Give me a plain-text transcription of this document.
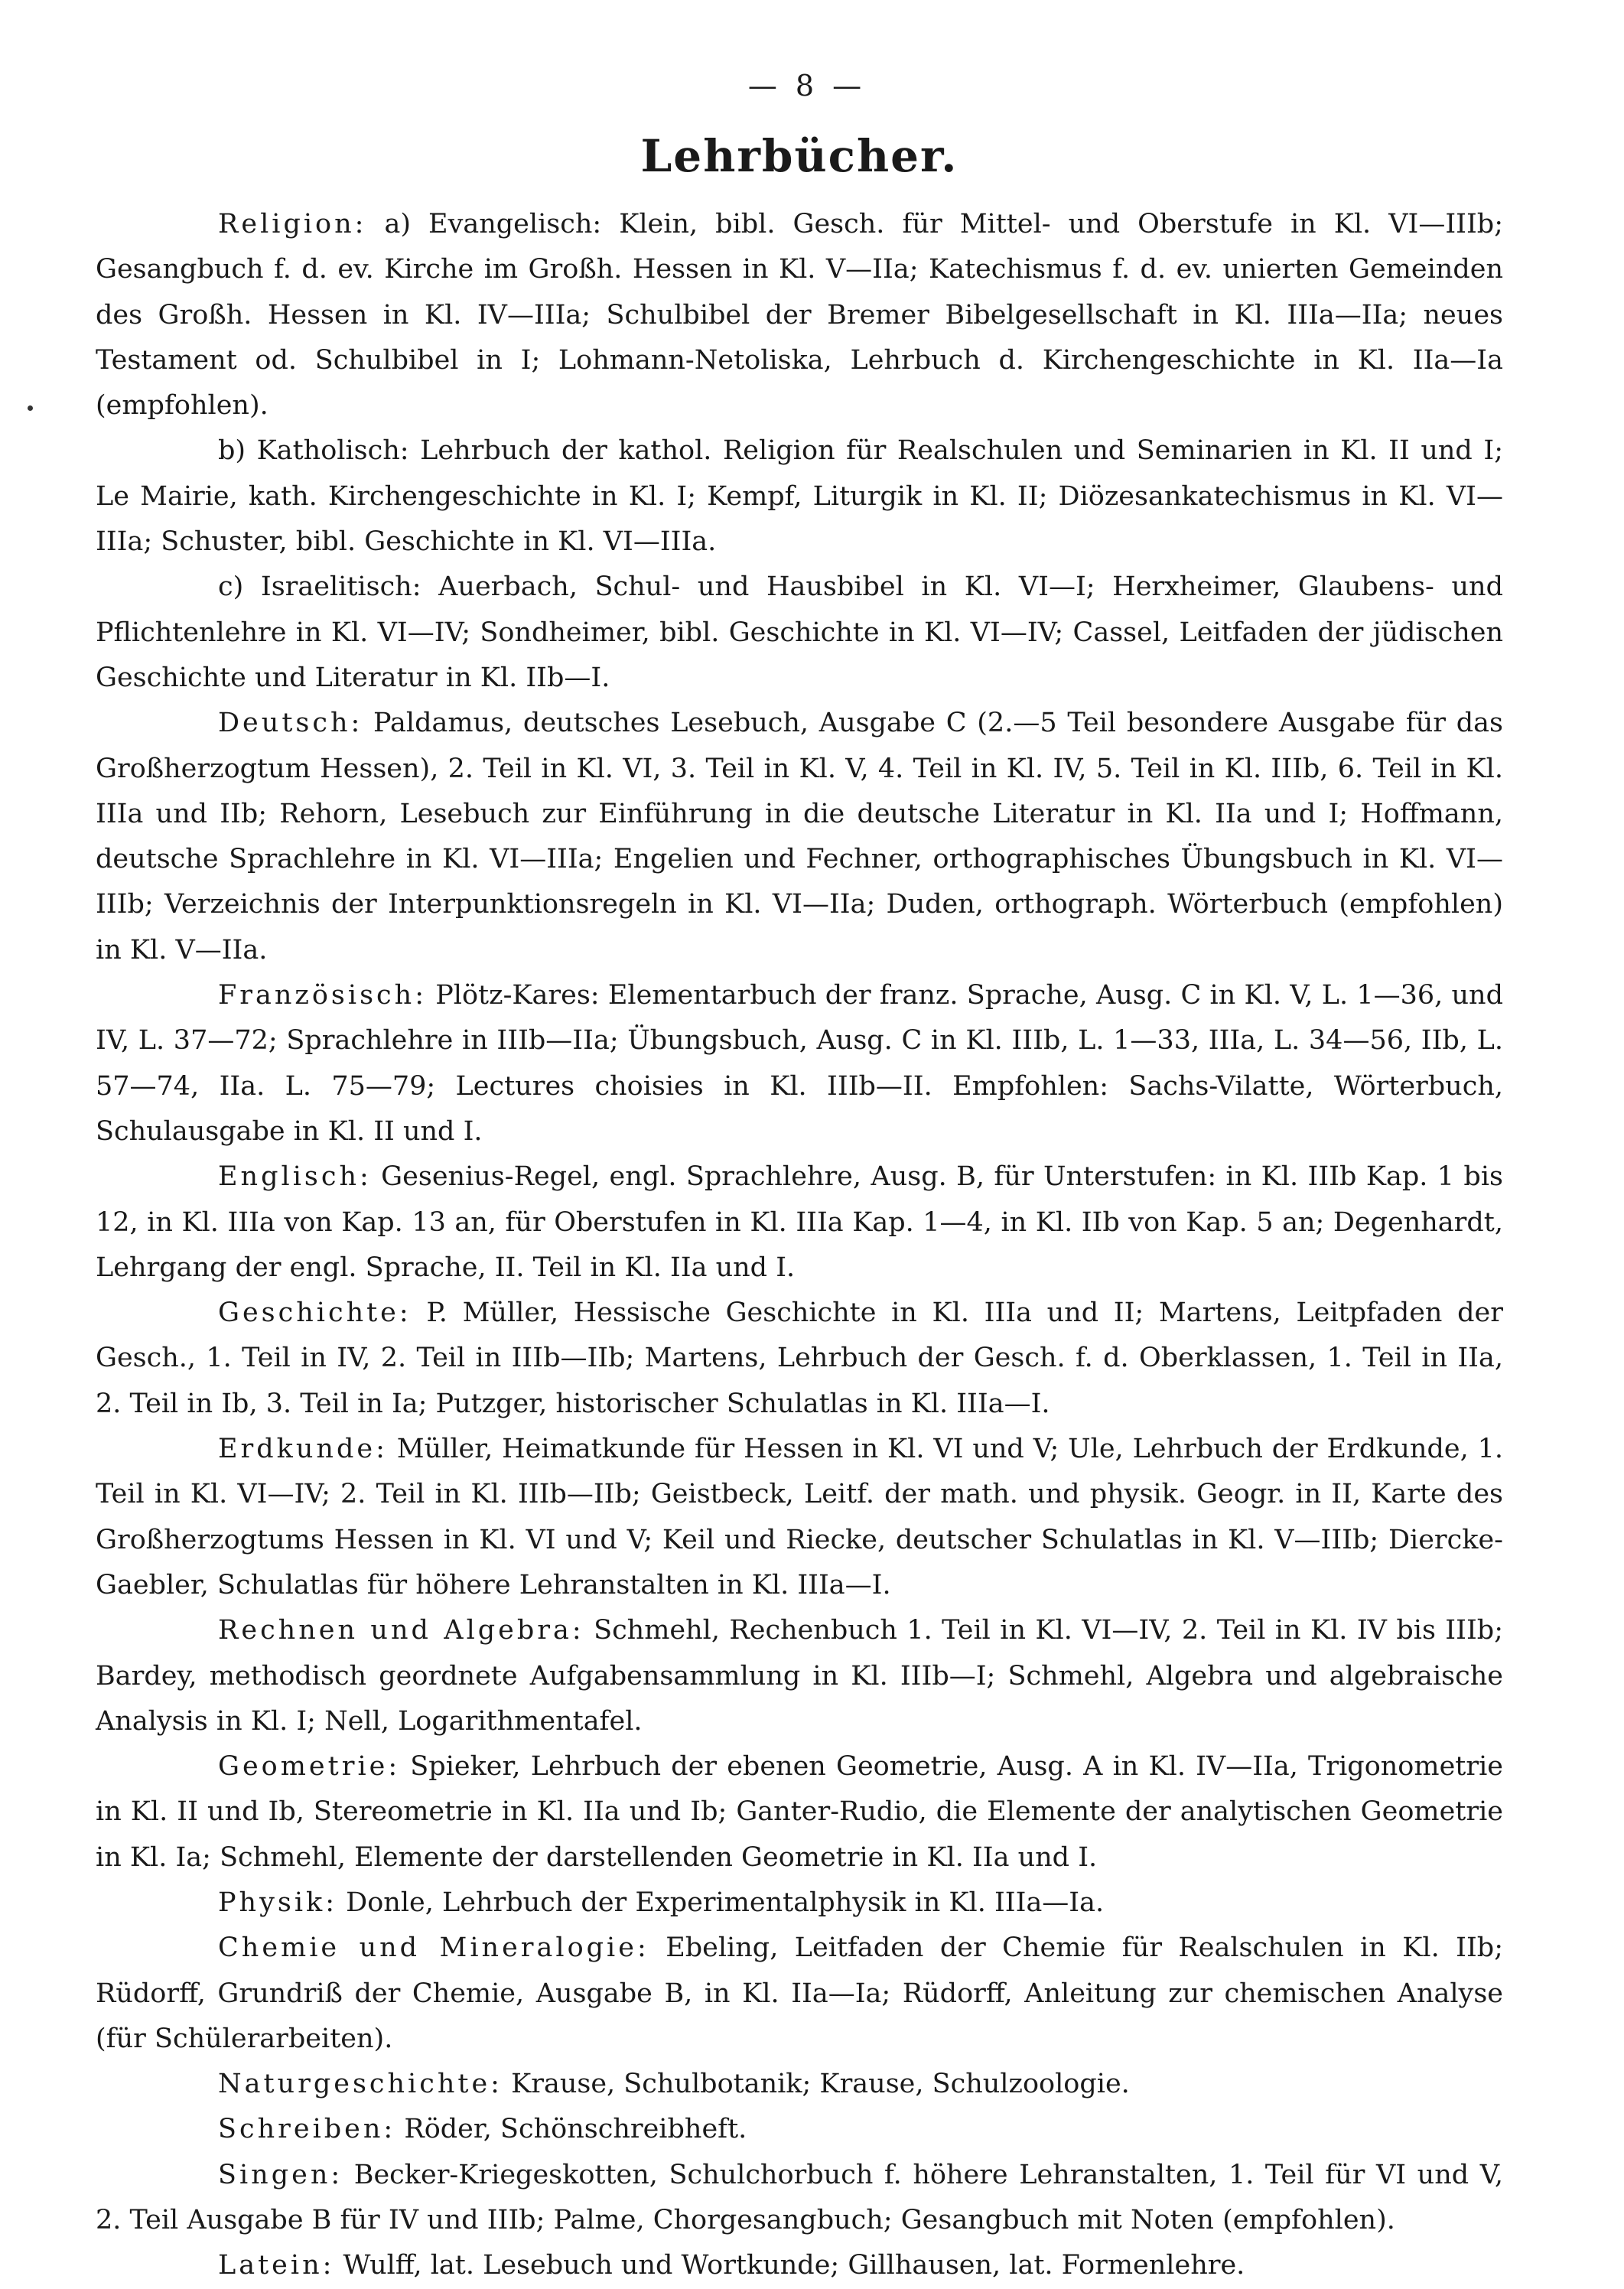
— 8 —
Lehrbücher.

Religion: a) Evangelisch: Klein, bibl. Gesch. für Mittel- und Oberstufe in Kl. VI—IIIb; Gesangbuch f. d. ev. Kirche im Großh. Hessen in Kl. V—IIa; Katechismus f. d. ev. unierten Gemeinden des Großh. Hessen in Kl. IV—IIIa; Schulbibel der Bremer Bibelgesellschaft in Kl. IIIa—IIa; neues Testament od. Schulbibel in I; Lohmann-Netoliska, Lehrbuch d. Kirchengeschichte in Kl. IIa—Ia (empfohlen).

b) Katholisch: Lehrbuch der kathol. Religion für Realschulen und Seminarien in Kl. II und I; Le Mairie, kath. Kirchengeschichte in Kl. I; Kempf, Liturgik in Kl. II; Diözesankatechismus in Kl. VI—IIIa; Schuster, bibl. Geschichte in Kl. VI—IIIa.

c) Israelitisch: Auerbach, Schul- und Hausbibel in Kl. VI—I; Herxheimer, Glaubens- und Pflichtenlehre in Kl. VI—IV; Sondheimer, bibl. Geschichte in Kl. VI—IV; Cassel, Leitfaden der jüdischen Geschichte und Literatur in Kl. IIb—I.

Deutsch: Paldamus, deutsches Lesebuch, Ausgabe C (2.—5 Teil besondere Ausgabe für das Großherzogtum Hessen), 2. Teil in Kl. VI, 3. Teil in Kl. V, 4. Teil in Kl. IV, 5. Teil in Kl. IIIb, 6. Teil in Kl. IIIa und IIb; Rehorn, Lesebuch zur Einführung in die deutsche Literatur in Kl. IIa und I; Hoffmann, deutsche Sprachlehre in Kl. VI—IIIa; Engelien und Fechner, orthographisches Übungsbuch in Kl. VI—IIIb; Verzeichnis der Interpunktionsregeln in Kl. VI—IIa; Duden, orthograph. Wörterbuch (empfohlen) in Kl. V—IIa.

Französisch: Plötz-Kares: Elementarbuch der franz. Sprache, Ausg. C in Kl. V, L. 1—36, und IV, L. 37—72; Sprachlehre in IIIb—IIa; Übungsbuch, Ausg. C in Kl. IIIb, L. 1—33, IIIa, L. 34—56, IIb, L. 57—74, IIa. L. 75—79; Lectures choisies in Kl. IIIb—II. Empfohlen: Sachs-Vilatte, Wörterbuch, Schulausgabe in Kl. II und I.

Englisch: Gesenius-Regel, engl. Sprachlehre, Ausg. B, für Unterstufen: in Kl. IIIb Kap. 1 bis 12, in Kl. IIIa von Kap. 13 an, für Oberstufen in Kl. IIIa Kap. 1—4, in Kl. IIb von Kap. 5 an; Degenhardt, Lehrgang der engl. Sprache, II. Teil in Kl. IIa und I.

Geschichte: P. Müller, Hessische Geschichte in Kl. IIIa und II; Martens, Leitpfaden der Gesch., 1. Teil in IV, 2. Teil in IIIb—IIb; Martens, Lehrbuch der Gesch. f. d. Oberklassen, 1. Teil in IIa, 2. Teil in Ib, 3. Teil in Ia; Putzger, historischer Schulatlas in Kl. IIIa—I.

Erdkunde: Müller, Heimatkunde für Hessen in Kl. VI und V; Ule, Lehrbuch der Erdkunde, 1. Teil in Kl. VI—IV; 2. Teil in Kl. IIIb—IIb; Geistbeck, Leitf. der math. und physik. Geogr. in II, Karte des Großherzogtums Hessen in Kl. VI und V; Keil und Riecke, deutscher Schulatlas in Kl. V—IIIb; Diercke-Gaebler, Schulatlas für höhere Lehranstalten in Kl. IIIa—I.

Rechnen und Algebra: Schmehl, Rechenbuch 1. Teil in Kl. VI—IV, 2. Teil in Kl. IV bis IIIb; Bardey, methodisch geordnete Aufgabensammlung in Kl. IIIb—I; Schmehl, Algebra und algebraische Analysis in Kl. I; Nell, Logarithmentafel.

Geometrie: Spieker, Lehrbuch der ebenen Geometrie, Ausg. A in Kl. IV—IIa, Trigonometrie in Kl. II und Ib, Stereometrie in Kl. IIa und Ib; Ganter-Rudio, die Elemente der analytischen Geometrie in Kl. Ia; Schmehl, Elemente der darstellenden Geometrie in Kl. IIa und I.

Physik: Donle, Lehrbuch der Experimentalphysik in Kl. IIIa—Ia.

Chemie und Mineralogie: Ebeling, Leitfaden der Chemie für Realschulen in Kl. IIb; Rüdorff, Grundriß der Chemie, Ausgabe B, in Kl. IIa—Ia; Rüdorff, Anleitung zur chemischen Analyse (für Schülerarbeiten).

Naturgeschichte: Krause, Schulbotanik; Krause, Schulzoologie.

Schreiben: Röder, Schönschreibheft.

Singen: Becker-Kriegeskotten, Schulchorbuch f. höhere Lehranstalten, 1. Teil für VI und V, 2. Teil Ausgabe B für IV und IIIb; Palme, Chorgesangbuch; Gesangbuch mit Noten (empfohlen).

Latein: Wulff, lat. Lesebuch und Wortkunde; Gillhausen, lat. Formenlehre.
